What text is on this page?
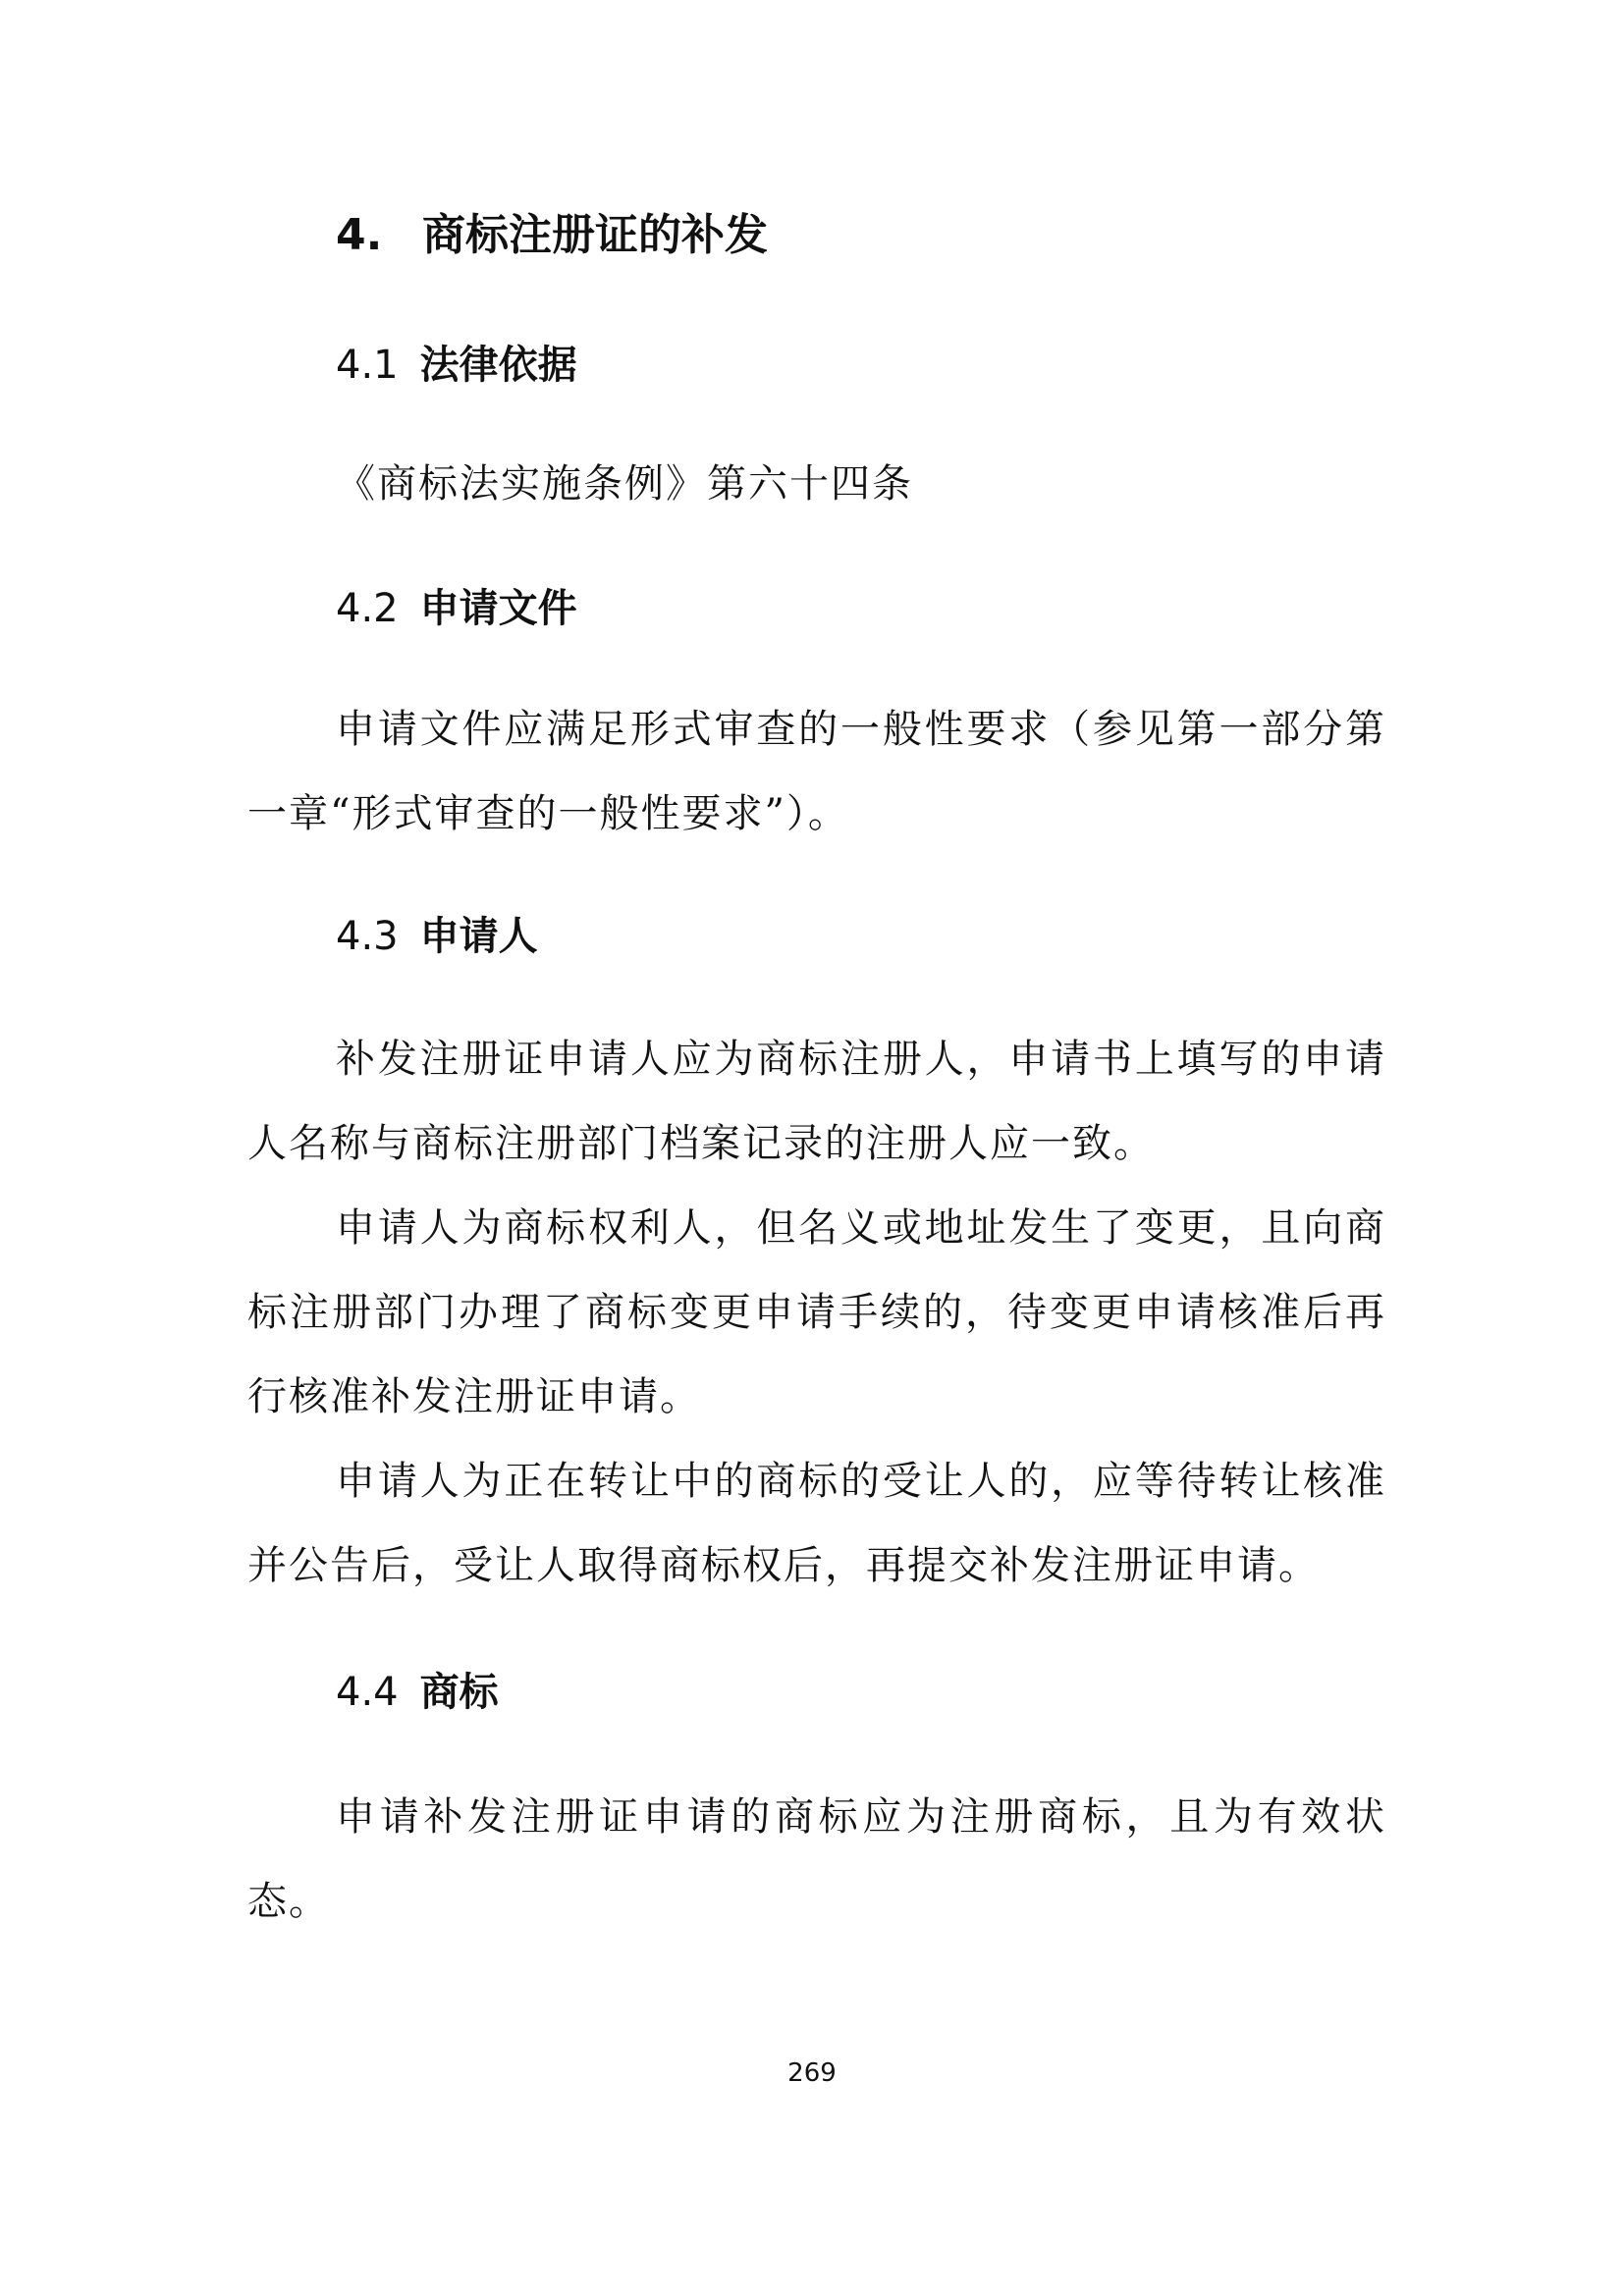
4. 商标注册证的补发
4.1 法律依据

《商标法实施条例》第六十四条

4.2 申请文件

申请文件应满足形式审查的一般性要求（参见第一部分第一章“形式审查的一般性要求”）。

4.3 申请人

补发注册证申请人应为商标注册人，申请书上填写的申请人名称与商标注册部门档案记录的注册人应一致。

申请人为商标权利人，但名义或地址发生了变更，且向商标注册部门办理了商标变更申请手续的，待变更申请核准后再行核准补发注册证申请。

申请人为正在转让中的商标的受让人的，应等待转让核准并公告后，受让人取得商标权后，再提交补发注册证申请。

4.4 商标

申请补发注册证申请的商标应为注册商标，且为有效状态。

269
